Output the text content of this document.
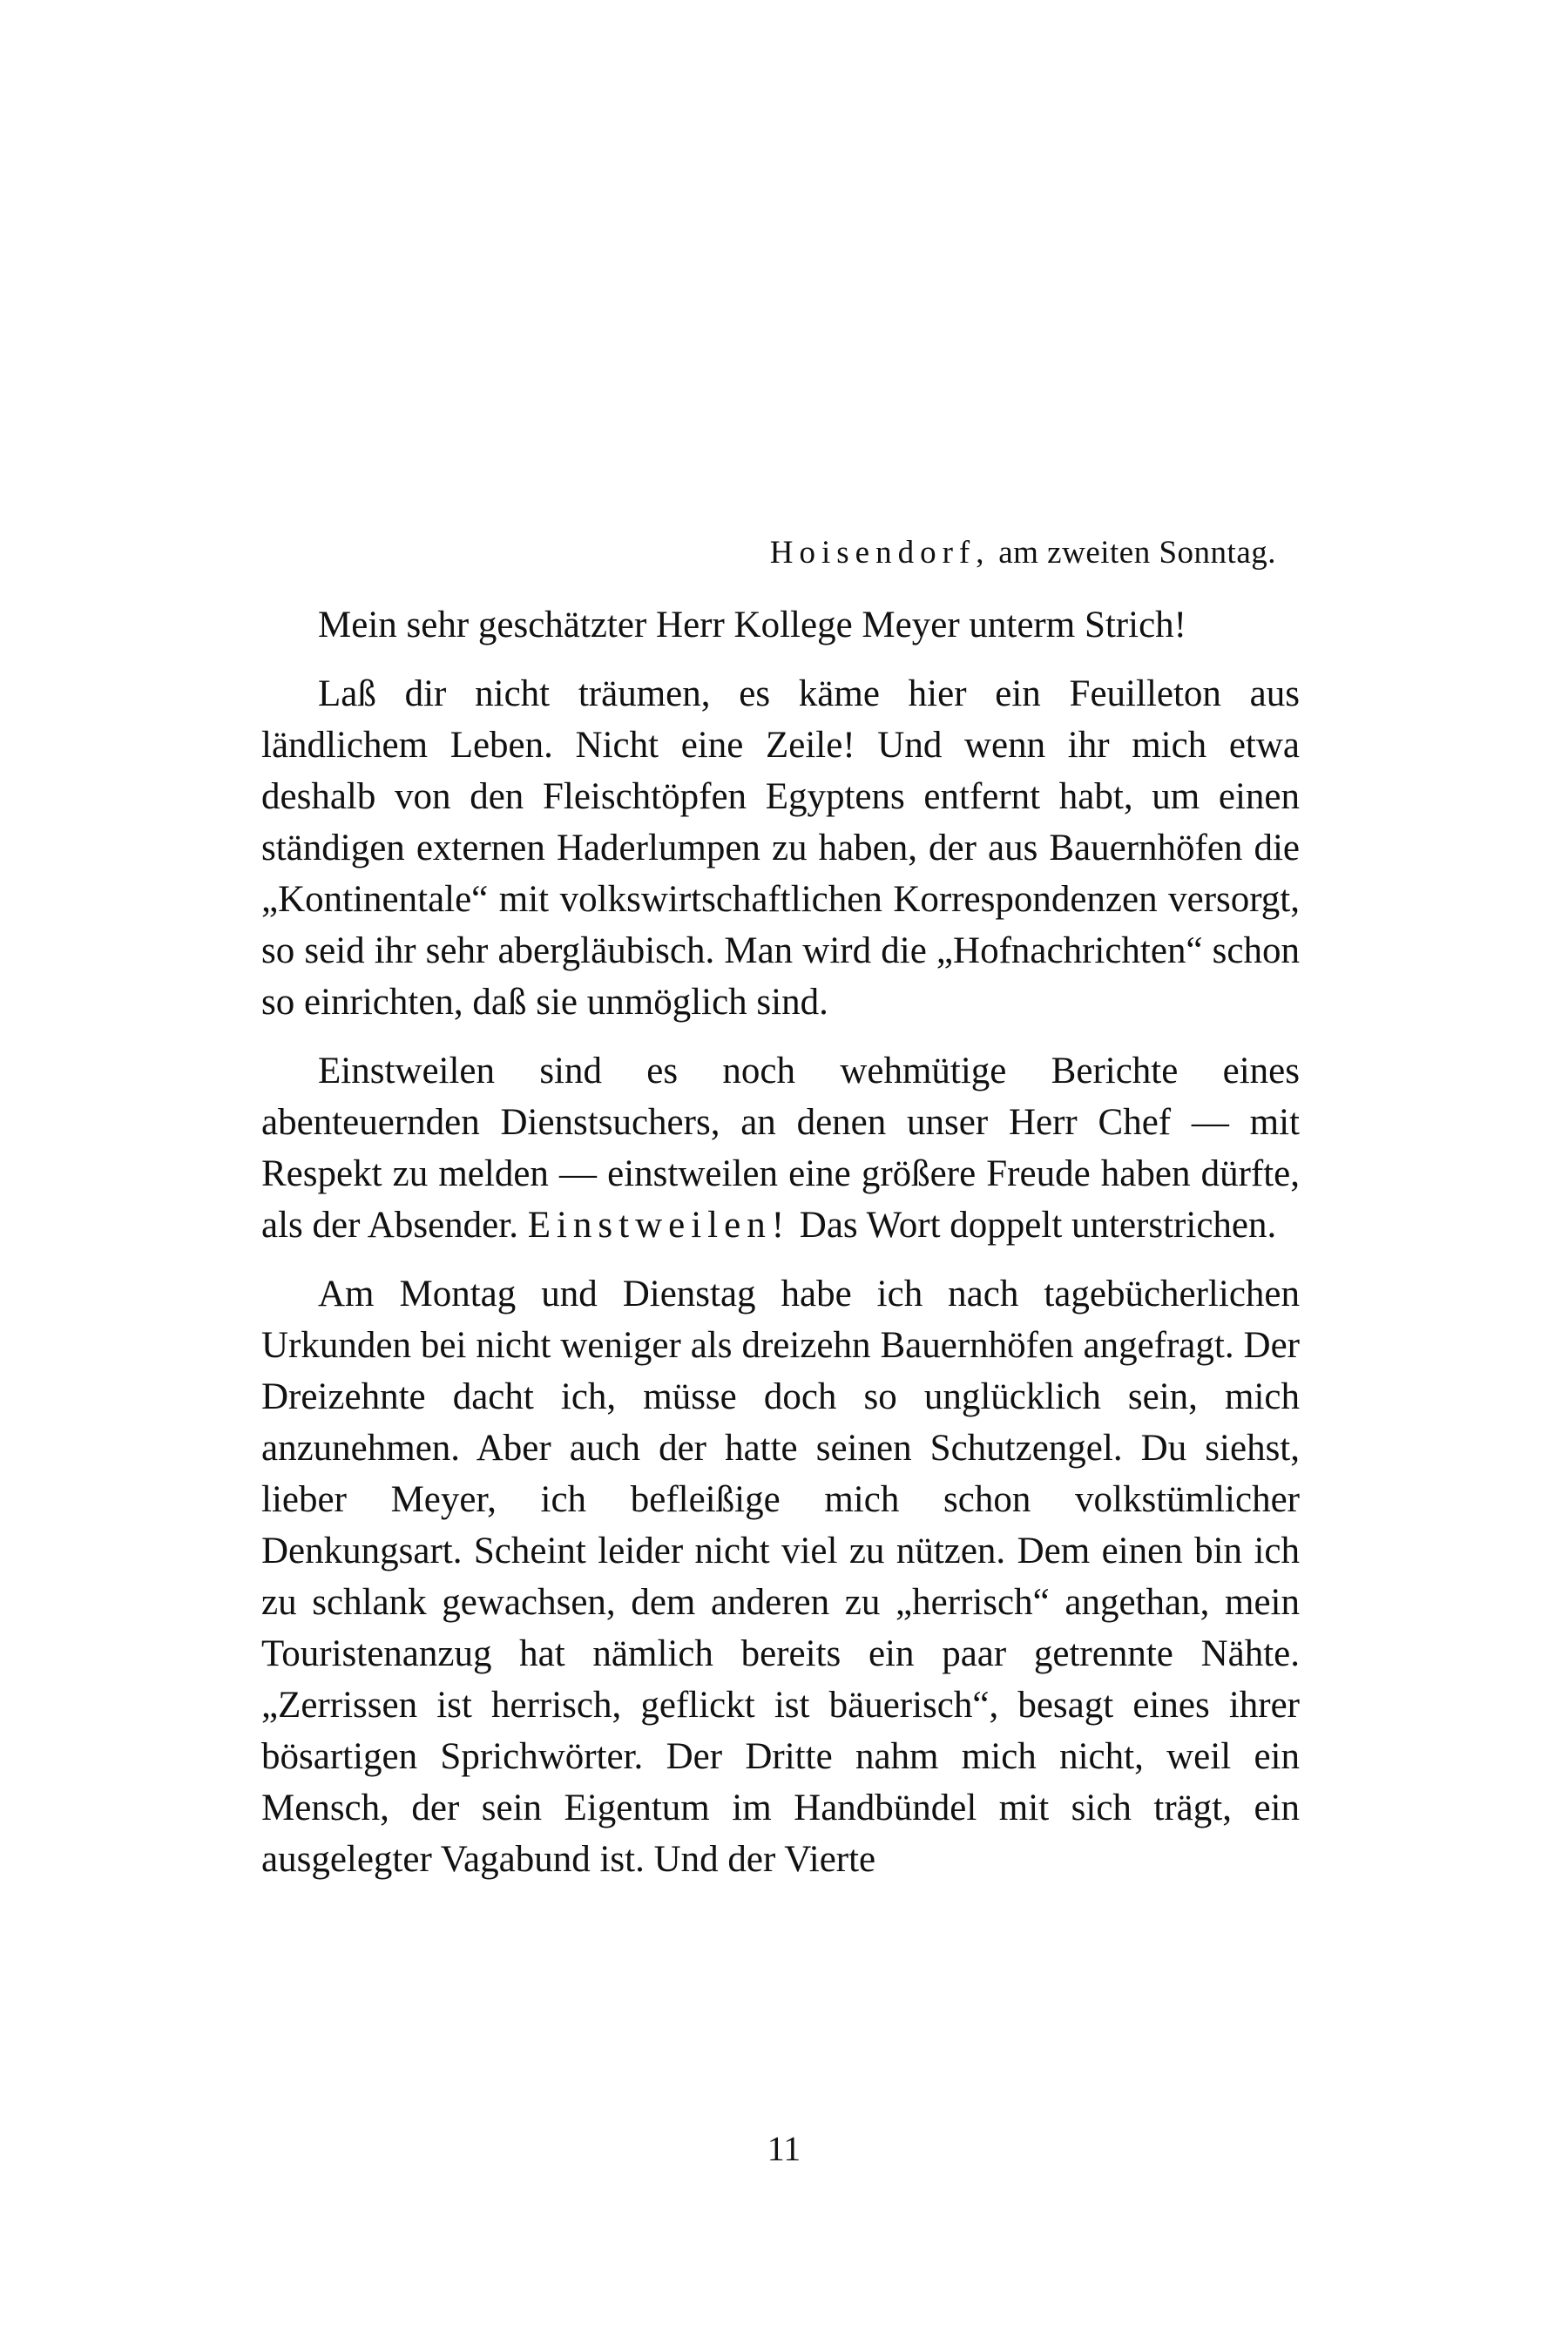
Hoisendorf, am zweiten Sonntag.

Mein sehr geschätzter Herr Kollege Meyer unterm Strich!

Laß dir nicht träumen, es käme hier ein Feuilleton aus ländlichem Leben. Nicht eine Zeile! Und wenn ihr mich etwa deshalb von den Fleischtöpfen Egyptens entfernt habt, um einen ständigen externen Haderlumpen zu haben, der aus Bauernhöfen die „Kontinentale“ mit volkswirtschaftlichen Korrespondenzen versorgt, so seid ihr sehr abergläubisch. Man wird die „Hofnachrichten“ schon so einrichten, daß sie unmöglich sind.

Einstweilen sind es noch wehmütige Berichte eines abenteuernden Dienstsuchers, an denen unser Herr Chef — mit Respekt zu melden — einstweilen eine größere Freude haben dürfte, als der Absender. Einstweilen! Das Wort doppelt unterstrichen.

Am Montag und Dienstag habe ich nach tagebücherlichen Urkunden bei nicht weniger als dreizehn Bauernhöfen angefragt. Der Dreizehnte dacht ich, müsse doch so unglücklich sein, mich anzunehmen. Aber auch der hatte seinen Schutzengel. Du siehst, lieber Meyer, ich befleißige mich schon volkstümlicher Denkungsart. Scheint leider nicht viel zu nützen. Dem einen bin ich zu schlank gewachsen, dem anderen zu „herrisch“ angethan, mein Touristenanzug hat nämlich bereits ein paar getrennte Nähte. „Zerrissen ist herrisch, geflickt ist bäuerisch“, besagt eines ihrer bösartigen Sprichwörter. Der Dritte nahm mich nicht, weil ein Mensch, der sein Eigentum im Handbündel mit sich trägt, ein ausgelegter Vagabund ist. Und der Vierte

11
